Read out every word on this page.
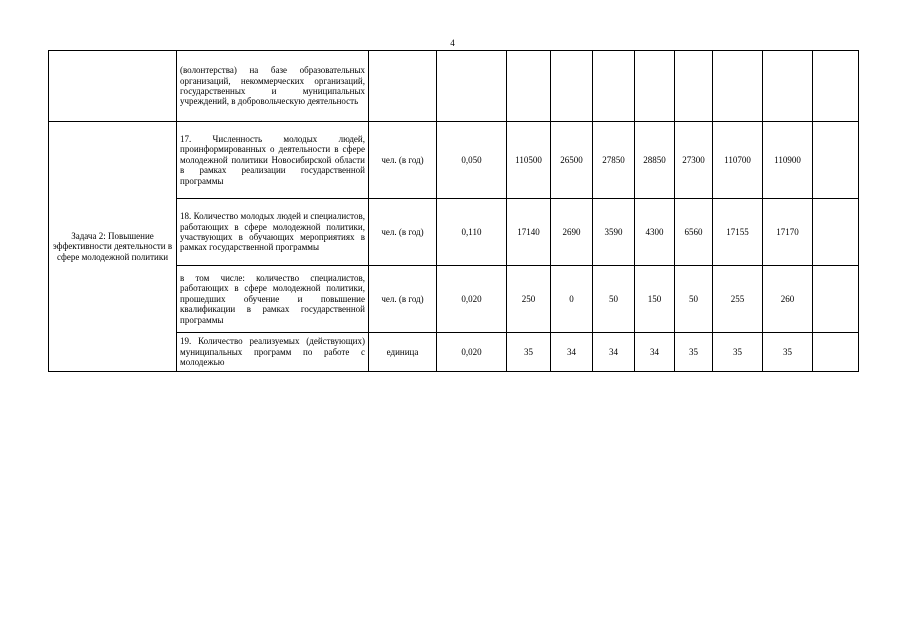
4
	(волонтерства) на базе образовательных организаций, некоммерческих организаций, государственных и муниципальных учреждений, в добровольческую деятельность										
Задача 2: Повышение эффективности деятельности в сфере молодежной политики	17. Численность молодых людей, проинформированных о деятельности в сфере молодежной политики Новосибирской области в рамках реализации государственной программы	чел. (в год)	0,050	110500	26500	27850	28850	27300	110700	110900	
	18. Количество молодых людей и специалистов, работающих в сфере молодежной политики, участвующих в обучающих мероприятиях в рамках государственной программы	чел. (в год)	0,110	17140	2690	3590	4300	6560	17155	17170	
	в том числе: количество специалистов, работающих в сфере молодежной политики, прошедших обучение и повышение квалификации в рамках государственной программы	чел. (в год)	0,020	250	0	50	150	50	255	260	
	19. Количество реализуемых (действующих) муниципальных программ по работе с молодежью	единица	0,020	35	34	34	34	35	35	35	
